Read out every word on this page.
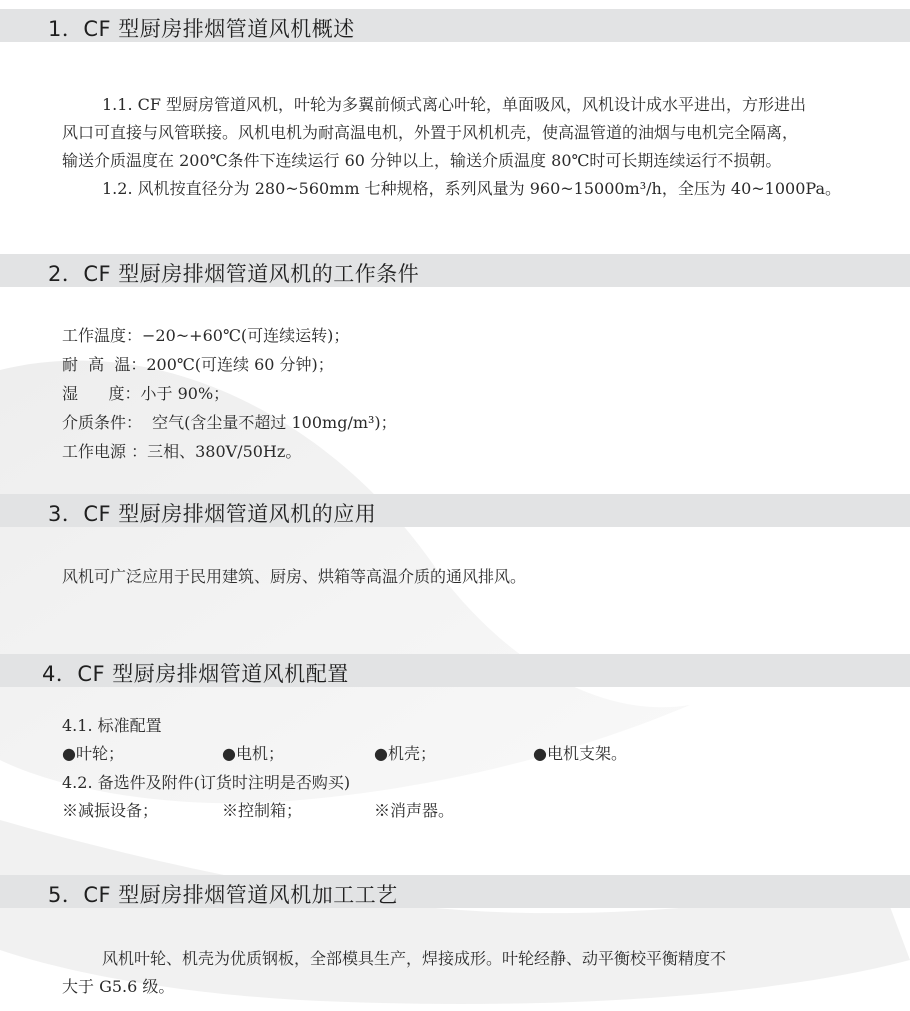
1．CF 型厨房排烟管道风机概述
1.1. CF 型厨房管道风机，叶轮为多翼前倾式离心叶轮，单面吸风，风机设计成水平进出，方形进出
风口可直接与风管联接。风机电机为耐高温电机，外置于风机机壳，使高温管道的油烟与电机完全隔离，
输送介质温度在 200℃条件下连续运行 60 分钟以上，输送介质温度 80℃时可长期连续运行不损朝。
1.2. 风机按直径分为 280~560mm 七种规格，系列风量为 960~15000m³/h，全压为 40~1000Pa。
2．CF 型厨房排烟管道风机的工作条件
工作温度：−20~+60℃(可连续运转)；
耐  高  温：200℃(可连续 60 分钟)；
湿      度：小于 90%；
介质条件：  空气(含尘量不超过 100mg/m³)；
工作电源 ：三相、380V/50Hz。
3．CF 型厨房排烟管道风机的应用
风机可广泛应用于民用建筑、厨房、烘箱等高温介质的通风排风。
4．CF 型厨房排烟管道风机配置
4.1. 标准配置
●叶轮；	●电机；	●机壳；	●电机支架。
4.2. 备选件及附件(订货时注明是否购买)
※减振设备；	※控制箱；	※消声器。
5．CF 型厨房排烟管道风机加工工艺
风机叶轮、机壳为优质钢板，全部模具生产，焊接成形。叶轮经静、动平衡校平衡精度不
大于 G5.6 级。
